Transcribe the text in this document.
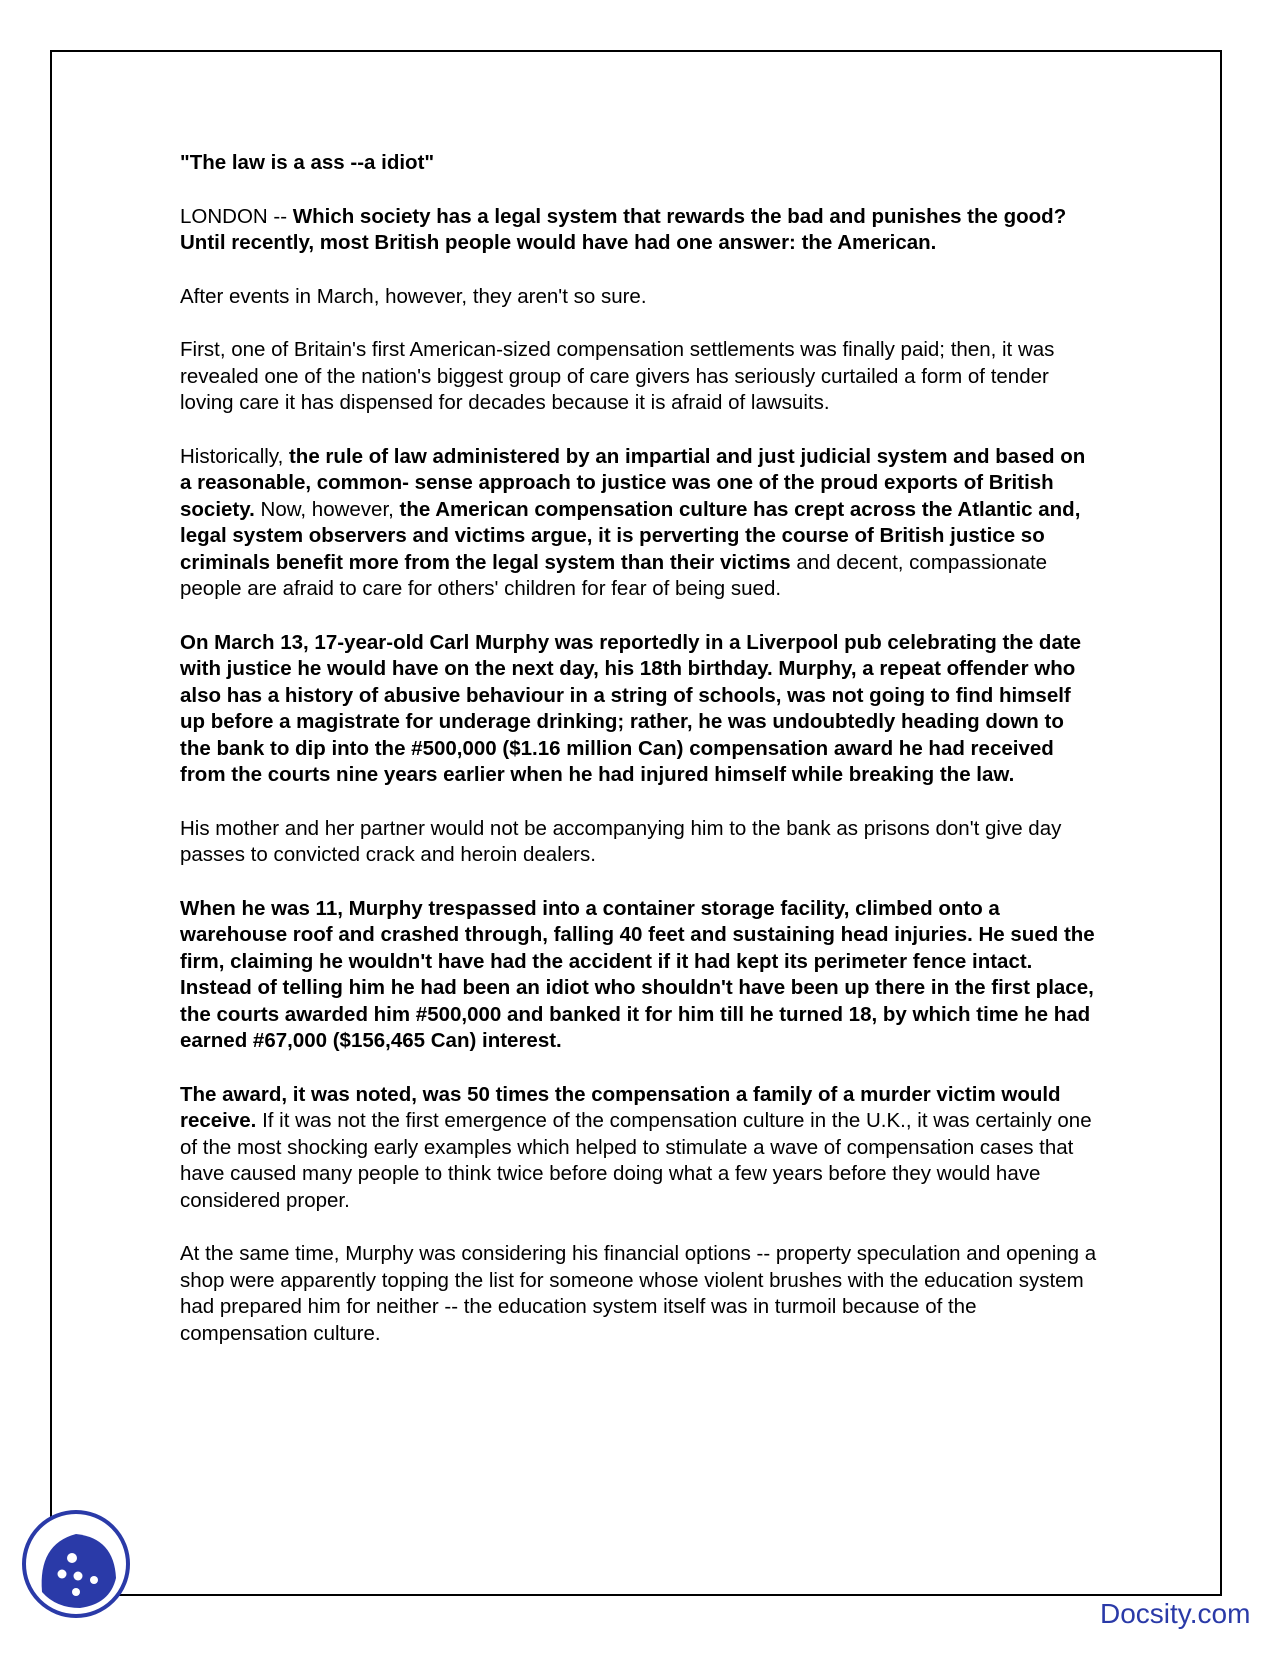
"The law is a ass --a idiot"

LONDON -- Which society has a legal system that rewards the bad and punishes the good? Until recently, most British people would have had one answer: the American.

After events in March, however, they aren't so sure.

First, one of Britain's first American-sized compensation settlements was finally paid; then, it was revealed one of the nation's biggest group of care givers has seriously curtailed a form of tender loving care it has dispensed for decades because it is afraid of lawsuits.

Historically, the rule of law administered by an impartial and just judicial system and based on a reasonable, common- sense approach to justice was one of the proud exports of British society. Now, however, the American compensation culture has crept across the Atlantic and, legal system observers and victims argue, it is perverting the course of British justice so criminals benefit more from the legal system than their victims and decent, compassionate people are afraid to care for others' children for fear of being sued.

On March 13, 17-year-old Carl Murphy was reportedly in a Liverpool pub celebrating the date with justice he would have on the next day, his 18th birthday. Murphy, a repeat offender who also has a history of abusive behaviour in a string of schools, was not going to find himself up before a magistrate for underage drinking; rather, he was undoubtedly heading down to the bank to dip into the #500,000 ($1.16 million Can) compensation award he had received from the courts nine years earlier when he had injured himself while breaking the law.

His mother and her partner would not be accompanying him to the bank as prisons don't give day passes to convicted crack and heroin dealers.

When he was 11, Murphy trespassed into a container storage facility, climbed onto a warehouse roof and crashed through, falling 40 feet and sustaining head injuries. He sued the firm, claiming he wouldn't have had the accident if it had kept its perimeter fence intact. Instead of telling him he had been an idiot who shouldn't have been up there in the first place, the courts awarded him #500,000 and banked it for him till he turned 18, by which time he had earned #67,000 ($156,465 Can) interest.

The award, it was noted, was 50 times the compensation a family of a murder victim would receive. If it was not the first emergence of the compensation culture in the U.K., it was certainly one of the most shocking early examples which helped to stimulate a wave of compensation cases that have caused many people to think twice before doing what a few years before they would have considered proper.

At the same time, Murphy was considering his financial options -- property speculation and opening a shop were apparently topping the list for someone whose violent brushes with the education system had prepared him for neither -- the education system itself was in turmoil because of the compensation culture.

Docsity.com
